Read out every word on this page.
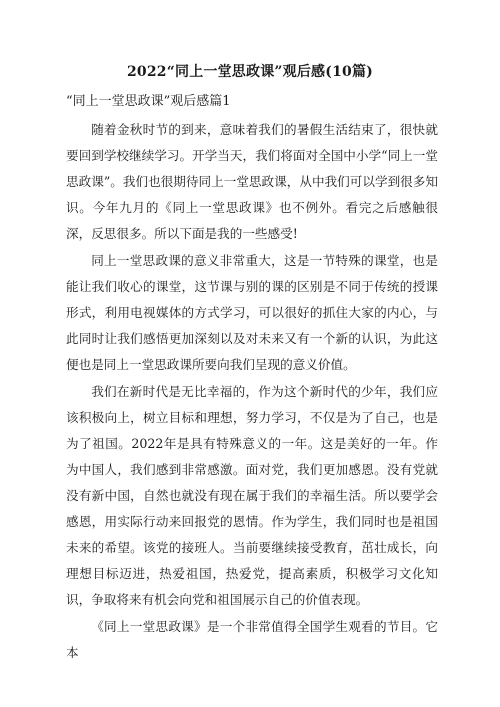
2022“同上一堂思政课”观后感(10篇)
“同上一堂思政课”观后感篇1

随着金秋时节的到来，意味着我们的暑假生活结束了，很快就要回到学校继续学习。开学当天，我们将面对全国中小学“同上一堂思政课”。我们也很期待同上一堂思政课，从中我们可以学到很多知识。今年九月的《同上一堂思政课》也不例外。看完之后感触很深，反思很多。所以下面是我的一些感受!

同上一堂思政课的意义非常重大，这是一节特殊的课堂，也是能让我们收心的课堂，这节课与别的课的区别是不同于传统的授课形式，利用电视媒体的方式学习，可以很好的抓住大家的内心，与此同时让我们感悟更加深刻以及对未来又有一个新的认识，为此这便也是同上一堂思政课所要向我们呈现的意义价值。

我们在新时代是无比幸福的，作为这个新时代的少年，我们应该积极向上，树立目标和理想，努力学习，不仅是为了自己，也是为了祖国。2022年是具有特殊意义的一年。这是美好的一年。作为中国人，我们感到非常感激。面对党，我们更加感恩。没有党就没有新中国，自然也就没有现在属于我们的幸福生活。所以要学会感恩，用实际行动来回报党的恩情。作为学生，我们同时也是祖国未来的希望。该党的接班人。当前要继续接受教育，茁壮成长，向理想目标迈进，热爱祖国，热爱党，提高素质，积极学习文化知识，争取将来有机会向党和祖国展示自己的价值表现。

《同上一堂思政课》是一个非常值得全国学生观看的节目。它本
